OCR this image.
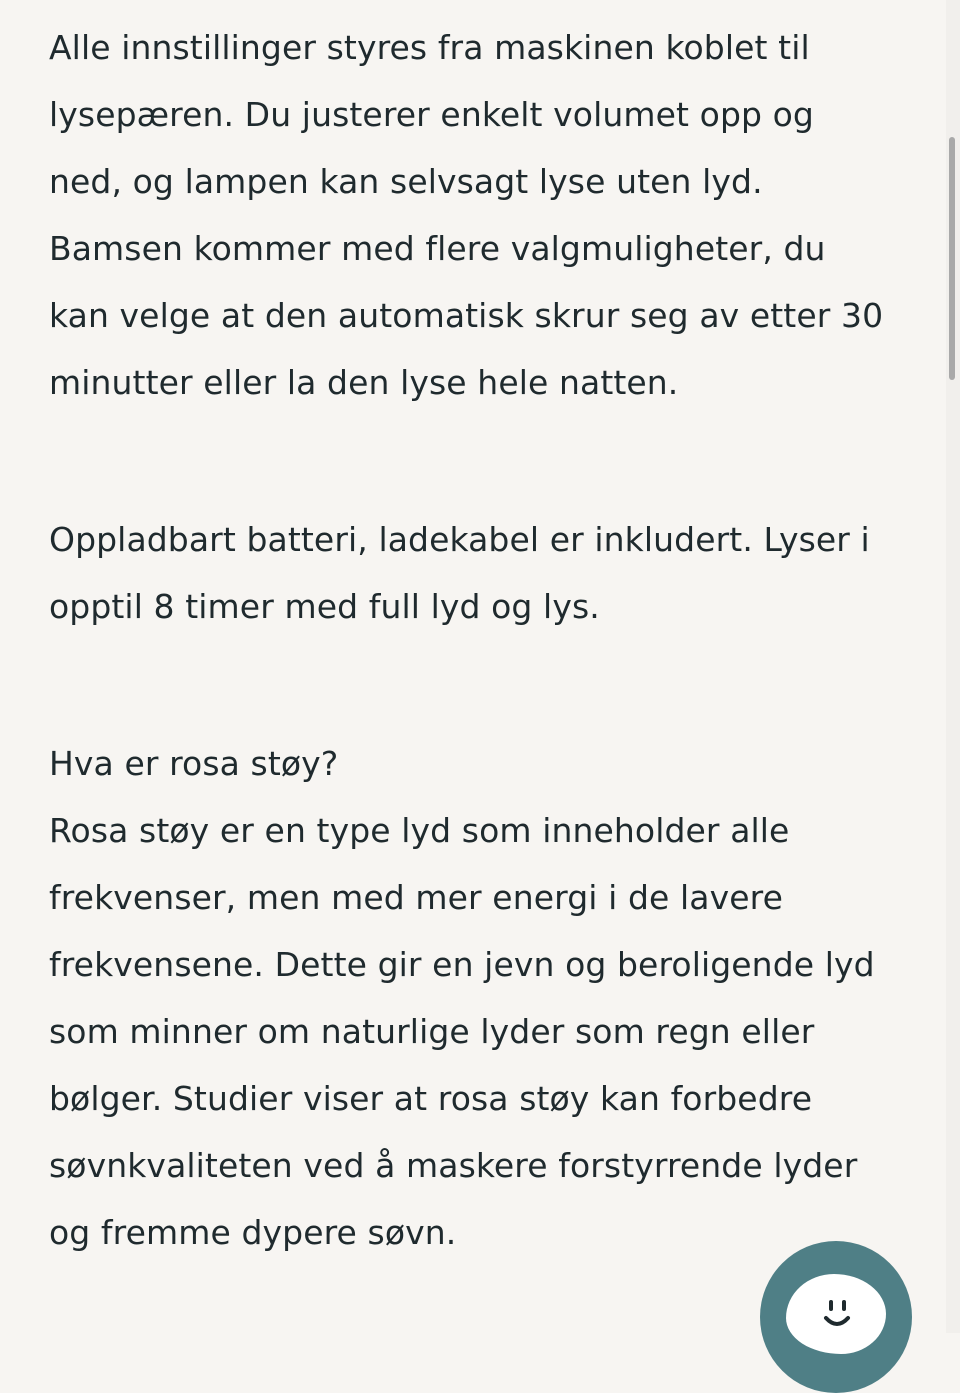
Alle innstillinger styres fra maskinen koblet til
lysepæren. Du justerer enkelt volumet opp og
ned, og lampen kan selvsagt lyse uten lyd.
Bamsen kommer med flere valgmuligheter, du
kan velge at den automatisk skrur seg av etter 30
minutter eller la den lyse hele natten.

Oppladbart batteri, ladekabel er inkludert. Lyser i
opptil 8 timer med full lyd og lys.

Hva er rosa støy?
Rosa støy er en type lyd som inneholder alle
frekvenser, men med mer energi i de lavere
frekvensene. Dette gir en jevn og beroligende lyd
som minner om naturlige lyder som regn eller
bølger. Studier viser at rosa støy kan forbedre
søvnkvaliteten ved å maskere forstyrrende lyder
og fremme dypere søvn.
